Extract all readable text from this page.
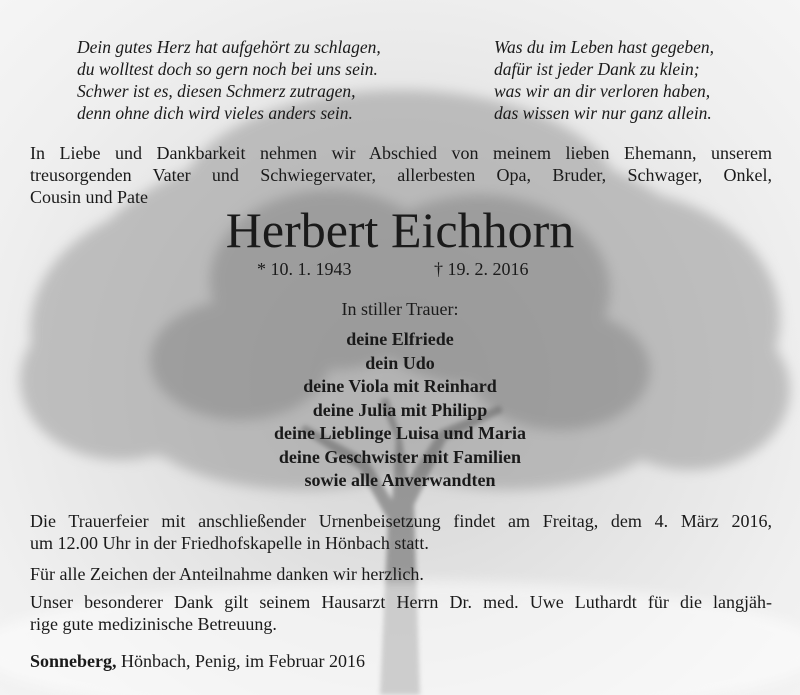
Dein gutes Herz hat aufgehört zu schlagen,
du wolltest doch so gern noch bei uns sein.
Schwer ist es, diesen Schmerz zutragen,
denn ohne dich wird vieles anders sein.
Was du im Leben hast gegeben,
dafür ist jeder Dank zu klein;
was wir an dir verloren haben,
das wissen wir nur ganz allein.
In Liebe und Dankbarkeit nehmen wir Abschied von meinem lieben Ehemann, unserem
treusorgenden Vater und Schwiegervater, allerbesten Opa, Bruder, Schwager, Onkel,
Cousin und Pate
Herbert Eichhorn
* 10. 1. 1943	† 19. 2. 2016
In stiller Trauer:
deine Elfriede
dein Udo
deine Viola mit Reinhard
deine Julia mit Philipp
deine Lieblinge Luisa und Maria
deine Geschwister mit Familien
sowie alle Anverwandten
Die Trauerfeier mit anschließender Urnenbeisetzung findet am Freitag, dem 4. März 2016,
um 12.00 Uhr in der Friedhofskapelle in Hönbach statt.
Für alle Zeichen der Anteilnahme danken wir herzlich.
Unser besonderer Dank gilt seinem Hausarzt Herrn Dr. med. Uwe Luthardt für die langjäh-
rige gute medizinische Betreuung.
Sonneberg, Hönbach, Penig, im Februar 2016
